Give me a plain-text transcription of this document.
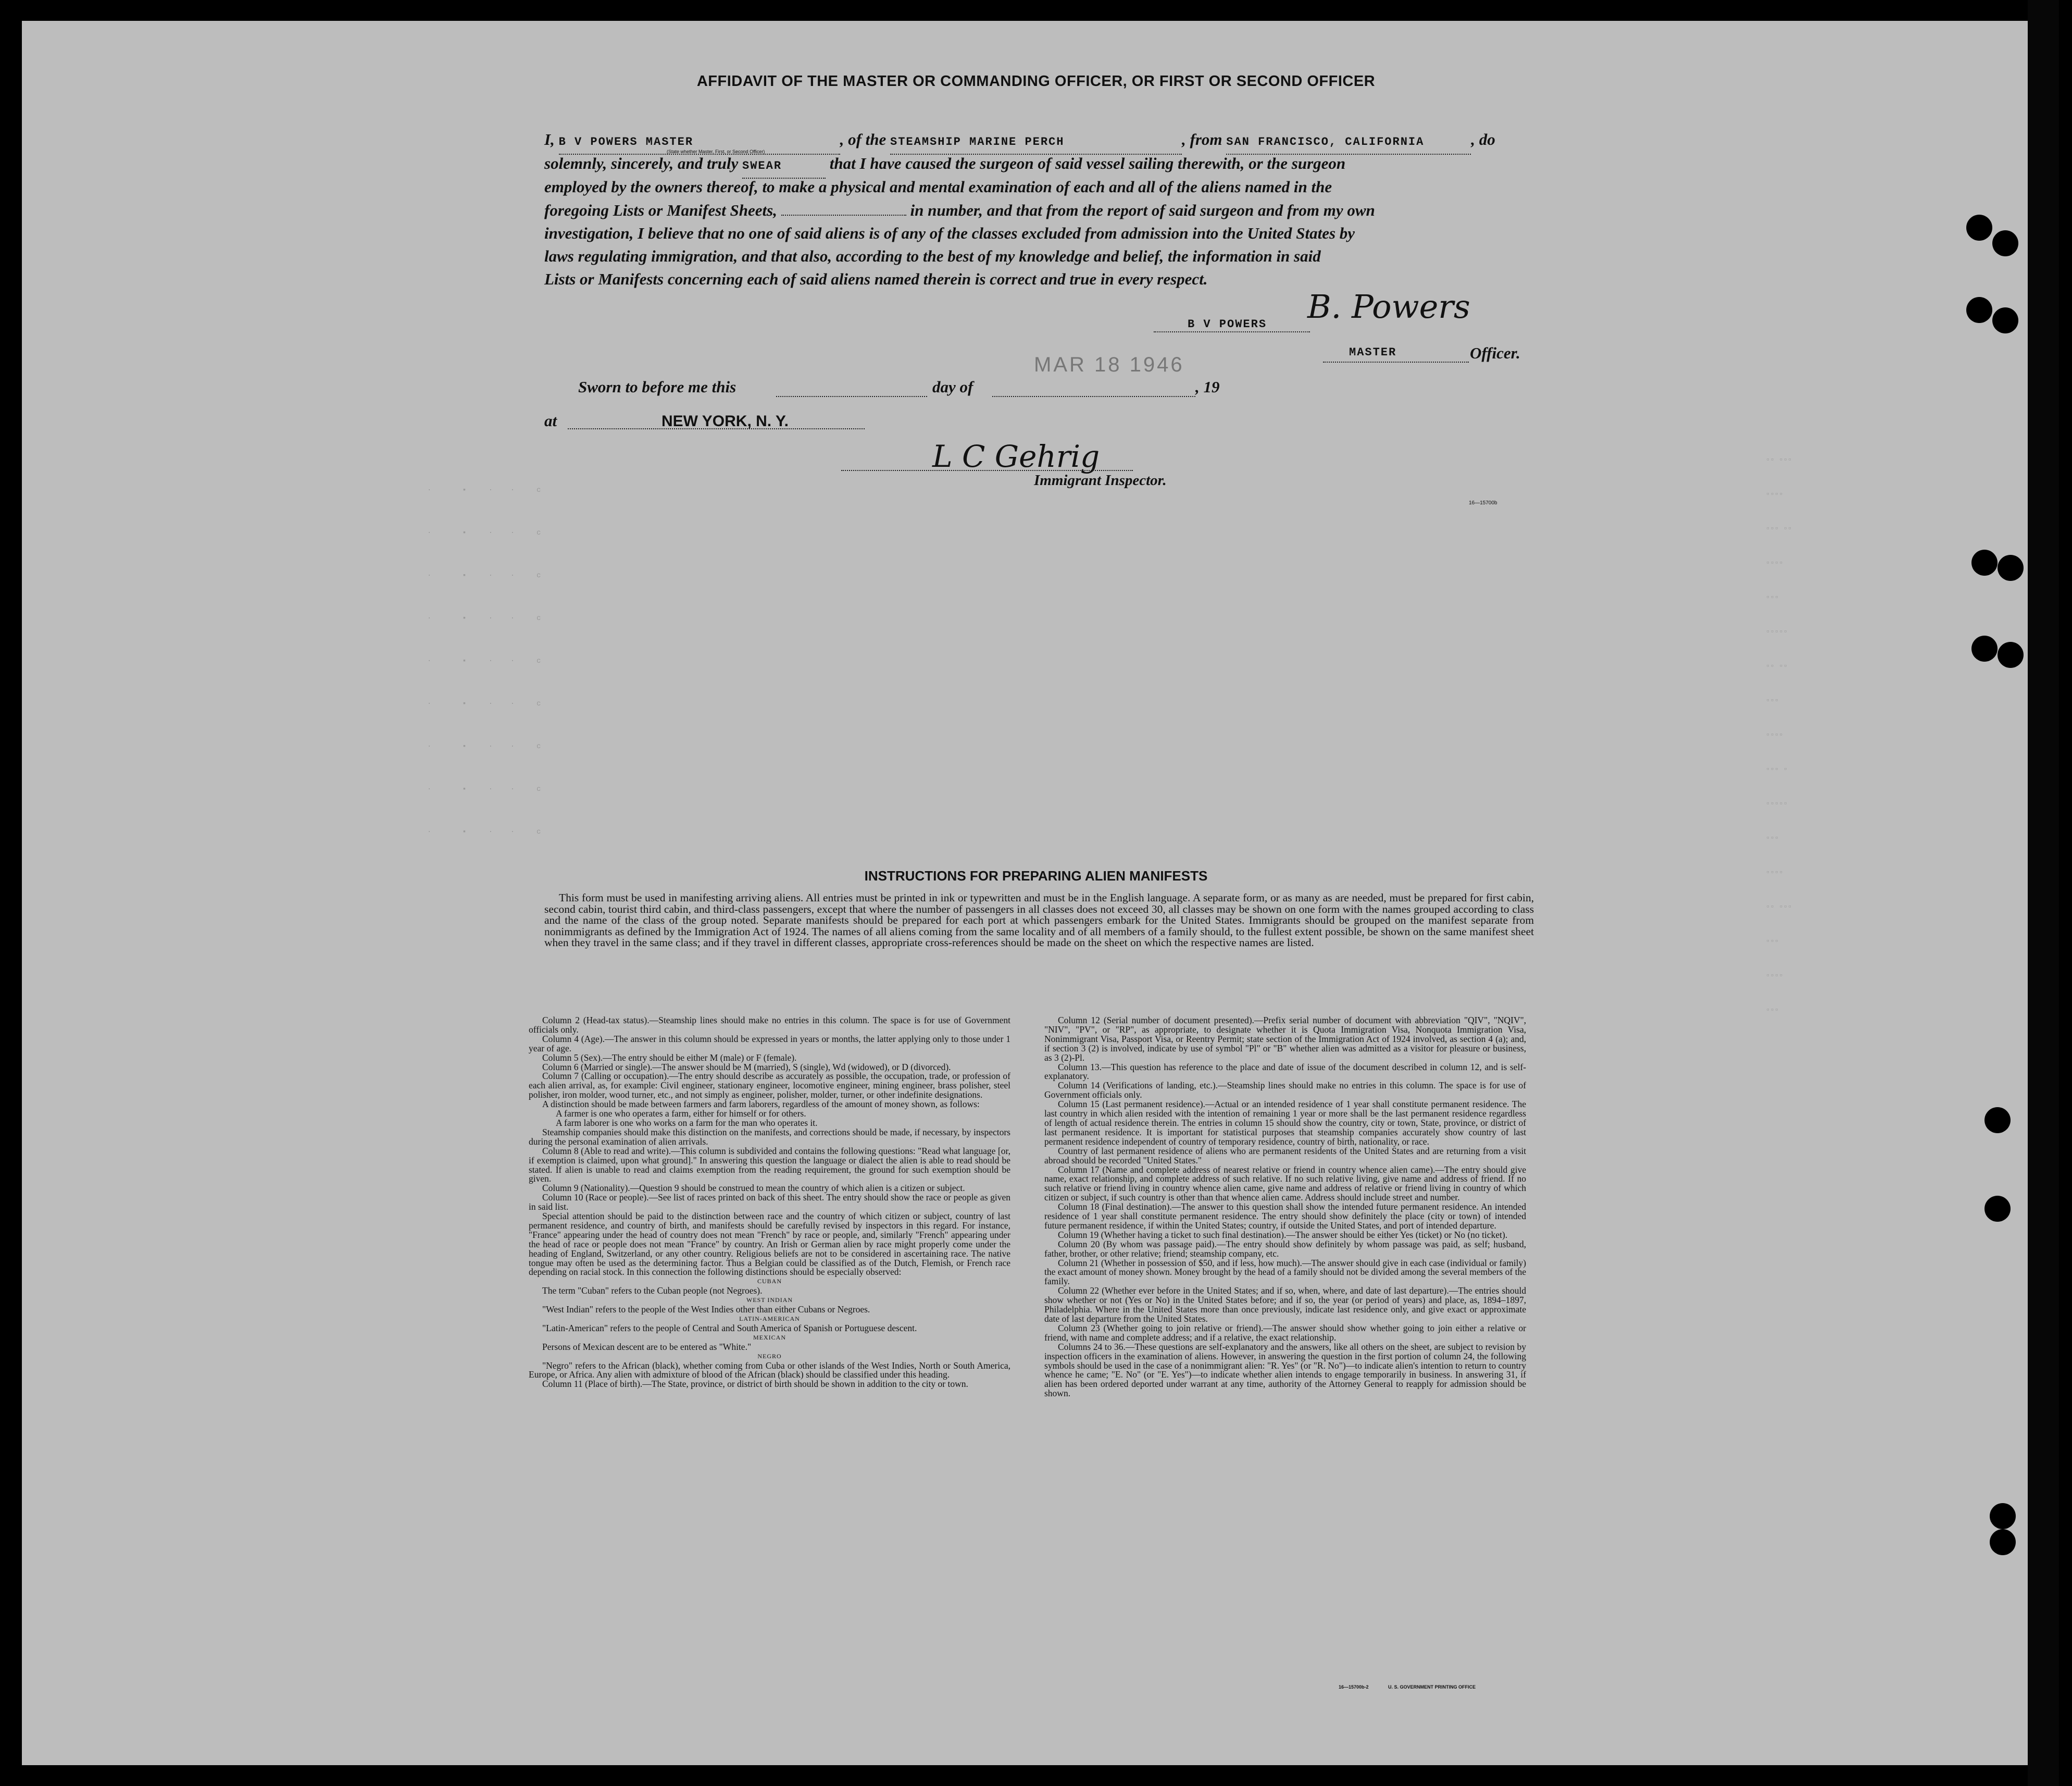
·       ▪     ·    ·     c
·       ▪     ·    ·     c
·       ▪     ·    ·     c
·       ▪     ·    ·     c
·       ▪     ·    ·     c
·       ▪     ·    ·     c
·       ▪     ·    ·     c
·       ▪     ·    ·     c
·       ▪     ·    ·     c
▫▫ ▫▫▫
▫▫▫▫
▫▫▫ ▫▫
▫▫▫▫
▫▫▫
▫▫▫▫▫
▫▫ ▫▫
▫▫▫
▫▫▫▫
▫▫▫ ▫
▫▫▫▫▫
▫▫▫
▫▫▫▫
▫▫ ▫▫▫
▫▫▫
▫▫▫▫
▫▫▫
AFFIDAVIT OF THE MASTER OR COMMANDING OFFICER, OR FIRST OR SECOND OFFICER
I, B V POWERS MASTER	, of the STEAMSHIP MARINE PERCH	, from SAN FRANCISCO, CALIFORNIA	, do
(State whether Master, First, or Second Officer)
solemnly, sincerely, and truly SWEAR	that I have caused the surgeon of said vessel sailing therewith, or the surgeon
employed by the owners thereof, to make a physical and mental examination of each and all of the aliens named in the
foregoing Lists or Manifest Sheets,	in number, and that from the report of said surgeon and from my own
investigation, I believe that no one of said aliens is of any of the classes excluded from admission into the United States by
laws regulating immigration, and that also, according to the best of my knowledge and belief, the information in said
Lists or Manifests concerning each of said aliens named therein is correct and true in every respect.
B V POWERS B. Powers
MASTER	Officer.
MAR 18 1946
Sworn to before me this	day of	, 19
at	NEW YORK, N. Y.
L C Gehrig
Immigrant Inspector.
16—15700b
INSTRUCTIONS FOR PREPARING ALIEN MANIFESTS
This form must be used in manifesting arriving aliens. All entries must be printed in ink or typewritten and must be in the English language. A separate form, or as many as are needed, must be prepared for first cabin, second cabin, tourist third cabin, and third-class passengers, except that where the number of passengers in all classes does not exceed 30, all classes may be shown on one form with the names grouped according to class and the name of the class of the group noted. Separate manifests should be prepared for each port at which passengers embark for the United States. Immigrants should be grouped on the manifest separate from nonimmigrants as defined by the Immigration Act of 1924. The names of all aliens coming from the same locality and of all members of a family should, to the fullest extent possible, be shown on the same manifest sheet when they travel in the same class; and if they travel in different classes, appropriate cross-references should be made on the sheet on which the respective names are listed.

Column 2 (Head-tax status).—Steamship lines should make no entries in this column. The space is for use of Government officials only.

Column 4 (Age).—The answer in this column should be expressed in years or months, the latter applying only to those under 1 year of age.

Column 5 (Sex).—The entry should be either M (male) or F (female).

Column 6 (Married or single).—The answer should be M (married), S (single), Wd (widowed), or D (divorced).

Column 7 (Calling or occupation).—The entry should describe as accurately as possible, the occupation, trade, or profession of each alien arrival, as, for example: Civil engineer, stationary engineer, locomotive engineer, mining engineer, brass polisher, steel polisher, iron molder, wood turner, etc., and not simply as engineer, polisher, molder, turner, or other indefinite designations.

A distinction should be made between farmers and farm laborers, regardless of the amount of money shown, as follows:

A farmer is one who operates a farm, either for himself or for others.

A farm laborer is one who works on a farm for the man who operates it.

Steamship companies should make this distinction on the manifests, and corrections should be made, if necessary, by inspectors during the personal examination of alien arrivals.

Column 8 (Able to read and write).—This column is subdivided and contains the following questions: "Read what language [or, if exemption is claimed, upon what ground]." In answering this question the language or dialect the alien is able to read should be stated. If alien is unable to read and claims exemption from the reading requirement, the ground for such exemption should be given.

Column 9 (Nationality).—Question 9 should be construed to mean the country of which alien is a citizen or subject.

Column 10 (Race or people).—See list of races printed on back of this sheet. The entry should show the race or people as given in said list.

Special attention should be paid to the distinction between race and the country of which citizen or subject, country of last permanent residence, and country of birth, and manifests should be carefully revised by inspectors in this regard. For instance, "France" appearing under the head of country does not mean "French" by race or people, and, similarly "French" appearing under the head of race or people does not mean "France" by country. An Irish or German alien by race might properly come under the heading of England, Switzerland, or any other country. Religious beliefs are not to be considered in ascertaining race. The native tongue may often be used as the determining factor. Thus a Belgian could be classified as of the Dutch, Flemish, or French race depending on racial stock. In this connection the following distinctions should be especially observed:

CUBAN

The term "Cuban" refers to the Cuban people (not Negroes).

WEST INDIAN

"West Indian" refers to the people of the West Indies other than either Cubans or Negroes.

LATIN-AMERICAN

"Latin-American" refers to the people of Central and South America of Spanish or Portuguese descent.

MEXICAN

Persons of Mexican descent are to be entered as "White."

NEGRO

"Negro" refers to the African (black), whether coming from Cuba or other islands of the West Indies, North or South America, Europe, or Africa. Any alien with admixture of blood of the African (black) should be classified under this heading.

Column 11 (Place of birth).—The State, province, or district of birth should be shown in addition to the city or town.

Column 12 (Serial number of document presented).—Prefix serial number of document with abbreviation "QIV", "NQIV", "NIV", "PV", or "RP", as appropriate, to designate whether it is Quota Immigration Visa, Nonquota Immigration Visa, Nonimmigrant Visa, Passport Visa, or Reentry Permit; state section of the Immigration Act of 1924 involved, as section 4 (a); and, if section 3 (2) is involved, indicate by use of symbol "Pl" or "B" whether alien was admitted as a visitor for pleasure or business, as 3 (2)-Pl.

Column 13.—This question has reference to the place and date of issue of the document described in column 12, and is self-explanatory.

Column 14 (Verifications of landing, etc.).—Steamship lines should make no entries in this column. The space is for use of Government officials only.

Column 15 (Last permanent residence).—Actual or an intended residence of 1 year shall constitute permanent residence. The last country in which alien resided with the intention of remaining 1 year or more shall be the last permanent residence regardless of length of actual residence therein. The entries in column 15 should show the country, city or town, State, province, or district of last permanent residence. It is important for statistical purposes that steamship companies accurately show country of last permanent residence independent of country of temporary residence, country of birth, nationality, or race.

Country of last permanent residence of aliens who are permanent residents of the United States and are returning from a visit abroad should be recorded "United States."

Column 17 (Name and complete address of nearest relative or friend in country whence alien came).—The entry should give name, exact relationship, and complete address of such relative. If no such relative living, give name and address of friend. If no such relative or friend living in country whence alien came, give name and address of relative or friend living in country of which citizen or subject, if such country is other than that whence alien came. Address should include street and number.

Column 18 (Final destination).—The answer to this question shall show the intended future permanent residence. An intended residence of 1 year shall constitute permanent residence. The entry should show definitely the place (city or town) of intended future permanent residence, if within the United States; country, if outside the United States, and port of intended departure.

Column 19 (Whether having a ticket to such final destination).—The answer should be either Yes (ticket) or No (no ticket).

Column 20 (By whom was passage paid).—The entry should show definitely by whom passage was paid, as self; husband, father, brother, or other relative; friend; steamship company, etc.

Column 21 (Whether in possession of $50, and if less, how much).—The answer should give in each case (individual or family) the exact amount of money shown. Money brought by the head of a family should not be divided among the several members of the family.

Column 22 (Whether ever before in the United States; and if so, when, where, and date of last departure).—The entries should show whether or not (Yes or No) in the United States before; and if so, the year (or period of years) and place, as, 1894–1897, Philadelphia. Where in the United States more than once previously, indicate last residence only, and give exact or approximate date of last departure from the United States.

Column 23 (Whether going to join relative or friend).—The answer should show whether going to join either a relative or friend, with name and complete address; and if a relative, the exact relationship.

Columns 24 to 36.—These questions are self-explanatory and the answers, like all others on the sheet, are subject to revision by inspection officers in the examination of aliens. However, in answering the question in the first portion of column 24, the following symbols should be used in the case of a nonimmigrant alien: "R. Yes" (or "R. No")—to indicate alien's intention to return to country whence he came; "E. No" (or "E. Yes")—to indicate whether alien intends to engage temporarily in business. In answering 31, if alien has been ordered deported under warrant at any time, authority of the Attorney General to reapply for admission should be shown.

16—15700b-2	U. S. GOVERNMENT PRINTING OFFICE
